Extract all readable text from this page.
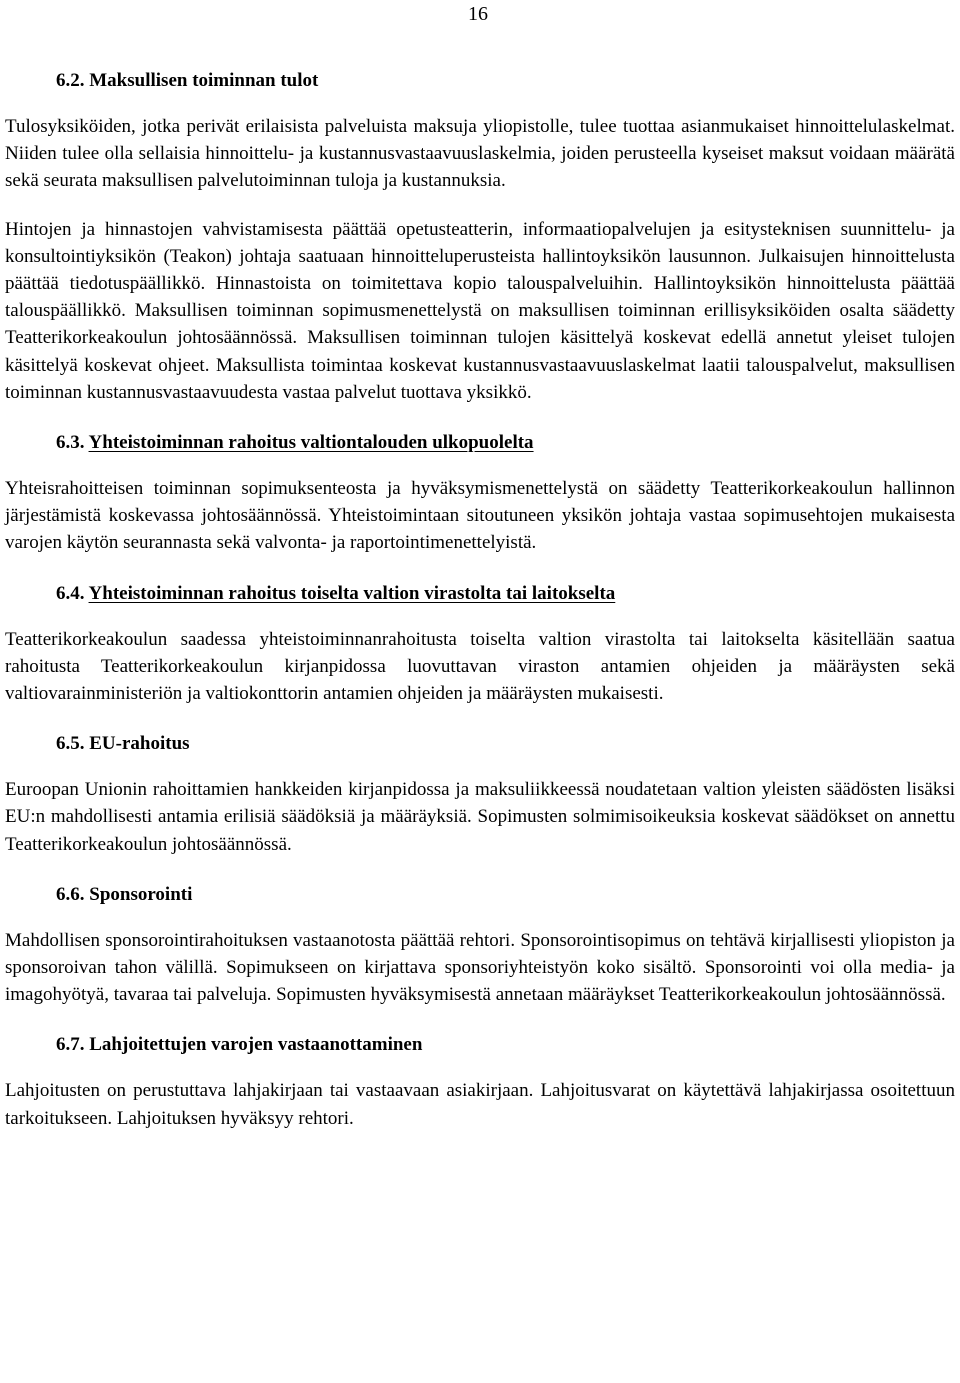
16
6.2. Maksullisen toiminnan tulot

Tulosyksiköiden, jotka perivät erilaisista palveluista maksuja yliopistolle, tulee tuottaa asianmukaiset hinnoittelulaskelmat. Niiden tulee olla sellaisia hinnoittelu- ja kustannusvastaavuuslaskelmia, joiden perusteella kyseiset maksut voidaan määrätä sekä seurata maksullisen palvelutoiminnan tuloja ja kustannuksia.

Hintojen ja hinnastojen vahvistamisesta päättää opetusteatterin, informaatiopalvelujen ja esitysteknisen suunnittelu- ja konsultointiyksikön (Teakon) johtaja saatuaan hinnoitteluperusteista hallintoyksikön lausunnon. Julkaisujen hinnoittelusta päättää tiedotuspäällikkö. Hinnastoista on toimitettava kopio talouspalveluihin. Hallintoyksikön hinnoittelusta päättää talouspäällikkö. Maksullisen toiminnan sopimusmenettelystä on maksullisen toiminnan erillisyksiköiden osalta säädetty Teatterikorkeakoulun johtosäännössä. Maksullisen toiminnan tulojen käsittelyä koskevat edellä annetut yleiset tulojen käsittelyä koskevat ohjeet. Maksullista toimintaa koskevat kustannusvastaavuuslaskelmat laatii talouspalvelut, maksullisen toiminnan kustannusvastaavuudesta vastaa palvelut tuottava yksikkö.

6.3. Yhteistoiminnan rahoitus valtiontalouden ulkopuolelta

Yhteisrahoitteisen toiminnan sopimuksenteosta ja hyväksymismenettelystä on säädetty Teatterikorkeakoulun hallinnon järjestämistä koskevassa johtosäännössä. Yhteistoimintaan sitoutuneen yksikön johtaja vastaa sopimusehtojen mukaisesta varojen käytön seurannasta sekä valvonta- ja raportointimenettelyistä.

6.4. Yhteistoiminnan rahoitus toiselta valtion virastolta tai laitokselta

Teatterikorkeakoulun saadessa yhteistoiminnanrahoitusta toiselta valtion virastolta tai laitokselta käsitellään saatua rahoitusta Teatterikorkeakoulun kirjanpidossa luovuttavan viraston antamien ohjeiden ja määräysten sekä valtiovarainministeriön ja valtiokonttorin antamien ohjeiden ja määräysten mukaisesti.

6.5. EU-rahoitus

Euroopan Unionin rahoittamien hankkeiden kirjanpidossa ja maksuliikkeessä noudatetaan valtion yleisten säädösten lisäksi EU:n mahdollisesti antamia erilisiä säädöksiä ja määräyksiä. Sopimusten solmimisoikeuksia koskevat säädökset on annettu Teatterikorkeakoulun johtosäännössä.

6.6. Sponsorointi

Mahdollisen sponsorointirahoituksen vastaanotosta päättää rehtori. Sponsorointisopimus on tehtävä kirjallisesti yliopiston ja sponsoroivan tahon välillä. Sopimukseen on kirjattava sponsoriyhteistyön koko sisältö. Sponsorointi voi olla media- ja imagohyötyä, tavaraa tai palveluja. Sopimusten hyväksymisestä annetaan määräykset Teatterikorkeakoulun johtosäännössä.

6.7. Lahjoitettujen varojen vastaanottaminen

Lahjoitusten on perustuttava lahjakirjaan tai vastaavaan asiakirjaan. Lahjoitusvarat on käytettävä lahjakirjassa osoitettuun tarkoitukseen. Lahjoituksen hyväksyy rehtori.
